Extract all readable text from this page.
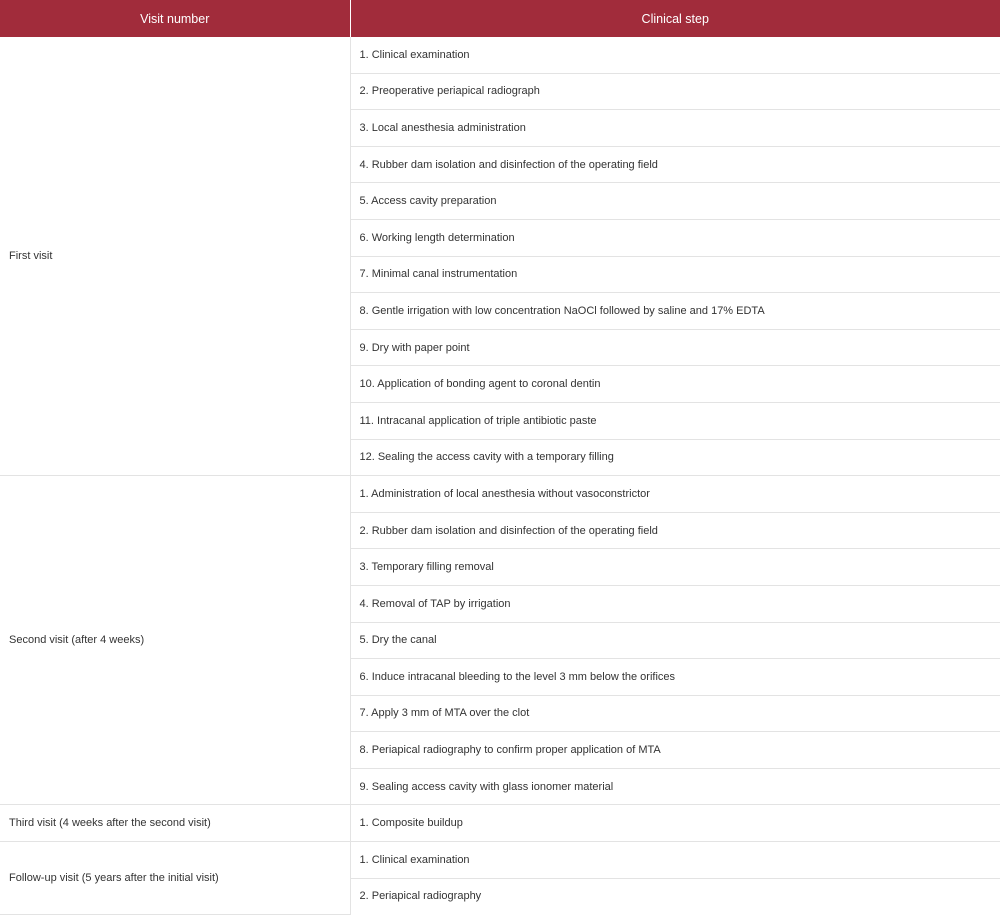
Visit number	Clinical step
First visit	1. Clinical examination
	2. Preoperative periapical radiograph
	3. Local anesthesia administration
	4. Rubber dam isolation and disinfection of the operating field
	5. Access cavity preparation
	6. Working length determination
	7. Minimal canal instrumentation
	8. Gentle irrigation with low concentration NaOCl followed by saline and 17% EDTA
	9. Dry with paper point
	10. Application of bonding agent to coronal dentin
	11. Intracanal application of triple antibiotic paste
	12. Sealing the access cavity with a temporary filling
Second visit (after 4 weeks)	1. Administration of local anesthesia without vasoconstrictor
	2. Rubber dam isolation and disinfection of the operating field
	3. Temporary filling removal
	4. Removal of TAP by irrigation
	5. Dry the canal
	6. Induce intracanal bleeding to the level 3 mm below the orifices
	7. Apply 3 mm of MTA over the clot
	8. Periapical radiography to confirm proper application of MTA
	9. Sealing access cavity with glass ionomer material
Third visit (4 weeks after the second visit)	1. Composite buildup
Follow-up visit (5 years after the initial visit)	1. Clinical examination
	2. Periapical radiography
